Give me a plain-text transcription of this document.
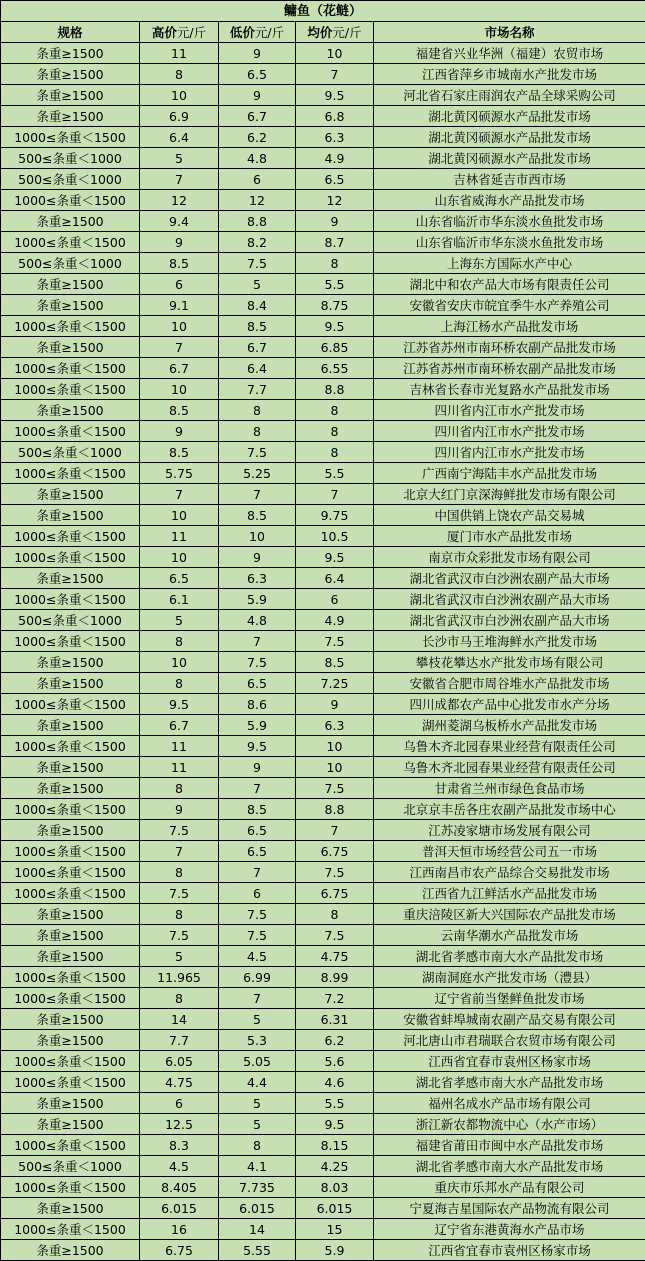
鳙鱼（花鲢）				
规格	高价元/斤	低价元/斤	均价元/斤	市场名称
条重≥1500	11	9	10	福建省兴业华洲（福建）农贸市场
条重≥1500	8	6.5	7	江西省萍乡市城南水产批发市场
条重≥1500	10	9	9.5	河北省石家庄雨润农产品全球采购公司
条重≥1500	6.9	6.7	6.8	湖北黄冈硕源水产品批发市场
1000≤条重＜1500	6.4	6.2	6.3	湖北黄冈硕源水产品批发市场
500≤条重＜1000	5	4.8	4.9	湖北黄冈硕源水产品批发市场
500≤条重＜1000	7	6	6.5	吉林省延吉市西市场
1000≤条重＜1500	12	12	12	山东省威海水产品批发市场
条重≥1500	9.4	8.8	9	山东省临沂市华东淡水鱼批发市场
1000≤条重＜1500	9	8.2	8.7	山东省临沂市华东淡水鱼批发市场
500≤条重＜1000	8.5	7.5	8	上海东方国际水产中心
条重≥1500	6	5	5.5	湖北中和农产品大市场有限责任公司
条重≥1500	9.1	8.4	8.75	安徽省安庆市皖宜季牛水产养殖公司
1000≤条重＜1500	10	8.5	9.5	上海江杨水产品批发市场
条重≥1500	7	6.7	6.85	江苏省苏州市南环桥农副产品批发市场
1000≤条重＜1500	6.7	6.4	6.55	江苏省苏州市南环桥农副产品批发市场
1000≤条重＜1500	10	7.7	8.8	吉林省长春市光复路水产品批发市场
条重≥1500	8.5	8	8	四川省内江市水产批发市场
1000≤条重＜1500	9	8	8	四川省内江市水产批发市场
500≤条重＜1000	8.5	7.5	8	四川省内江市水产批发市场
1000≤条重＜1500	5.75	5.25	5.5	广西南宁海陆丰水产品批发市场
条重≥1500	7	7	7	北京大红门京深海鲜批发市场有限公司
条重≥1500	10	8.5	9.75	中国供销上饶农产品交易城
1000≤条重＜1500	11	10	10.5	厦门市水产品批发市场
1000≤条重＜1500	10	9	9.5	南京市众彩批发市场有限公司
条重≥1500	6.5	6.3	6.4	湖北省武汉市白沙洲农副产品大市场
1000≤条重＜1500	6.1	5.9	6	湖北省武汉市白沙洲农副产品大市场
500≤条重＜1000	5	4.8	4.9	湖北省武汉市白沙洲农副产品大市场
1000≤条重＜1500	8	7	7.5	长沙市马王堆海鲜水产批发市场
条重≥1500	10	7.5	8.5	攀枝花攀达水产批发市场有限公司
条重≥1500	8	6.5	7.25	安徽省合肥市周谷堆水产品批发市场
1000≤条重＜1500	9.5	8.6	9	四川成都农产品中心批发市水产分场
条重≥1500	6.7	5.9	6.3	湖州菱湖乌板桥水产品批发市场
1000≤条重＜1500	11	9.5	10	乌鲁木齐北园春果业经营有限责任公司
条重≥1500	11	9	10	乌鲁木齐北园春果业经营有限责任公司
条重≥1500	8	7	7.5	甘肃省兰州市绿色食品市场
1000≤条重＜1500	9	8.5	8.8	北京京丰岳各庄农副产品批发市场中心
条重≥1500	7.5	6.5	7	江苏凌家塘市场发展有限公司
1000≤条重＜1500	7	6.5	6.75	普洱天恒市场经营公司五一市场
1000≤条重＜1500	8	7	7.5	江西南昌市农产品综合交易批发市场
1000≤条重＜1500	7.5	6	6.75	江西省九江鲜活水产品批发市场
条重≥1500	8	7.5	8	重庆涪陵区新大兴国际农产品批发市场
条重≥1500	7.5	7.5	7.5	云南华潮水产品批发市场
条重≥1500	5	4.5	4.75	湖北省孝感市南大水产品批发市场
1000≤条重＜1500	11.965	6.99	8.99	湖南洞庭水产批发市场（澧县）
1000≤条重＜1500	8	7	7.2	辽宁省前当堡鲜鱼批发市场
条重≥1500	14	5	6.31	安徽省蚌埠城南农副产品交易有限公司
条重≥1500	7.7	5.3	6.2	河北唐山市君瑞联合农贸市场有限公司
1000≤条重＜1500	6.05	5.05	5.6	江西省宜春市袁州区杨家市场
1000≤条重＜1500	4.75	4.4	4.6	湖北省孝感市南大水产品批发市场
条重≥1500	6	5	5.5	福州名成水产品市场有限公司
条重≥1500	12.5	5	9.5	浙江新农都物流中心（水产市场）
1000≤条重＜1500	8.3	8	8.15	福建省莆田市闽中水产品批发市场
500≤条重＜1000	4.5	4.1	4.25	湖北省孝感市南大水产品批发市场
1000≤条重＜1500	8.405	7.735	8.03	重庆市乐邦水产品有限公司
条重≥1500	6.015	6.015	6.015	宁夏海吉星国际农产品物流有限公司
1000≤条重＜1500	16	14	15	辽宁省东港黄海水产品市场
条重≥1500	6.75	5.55	5.9	江西省宜春市袁州区杨家市场
